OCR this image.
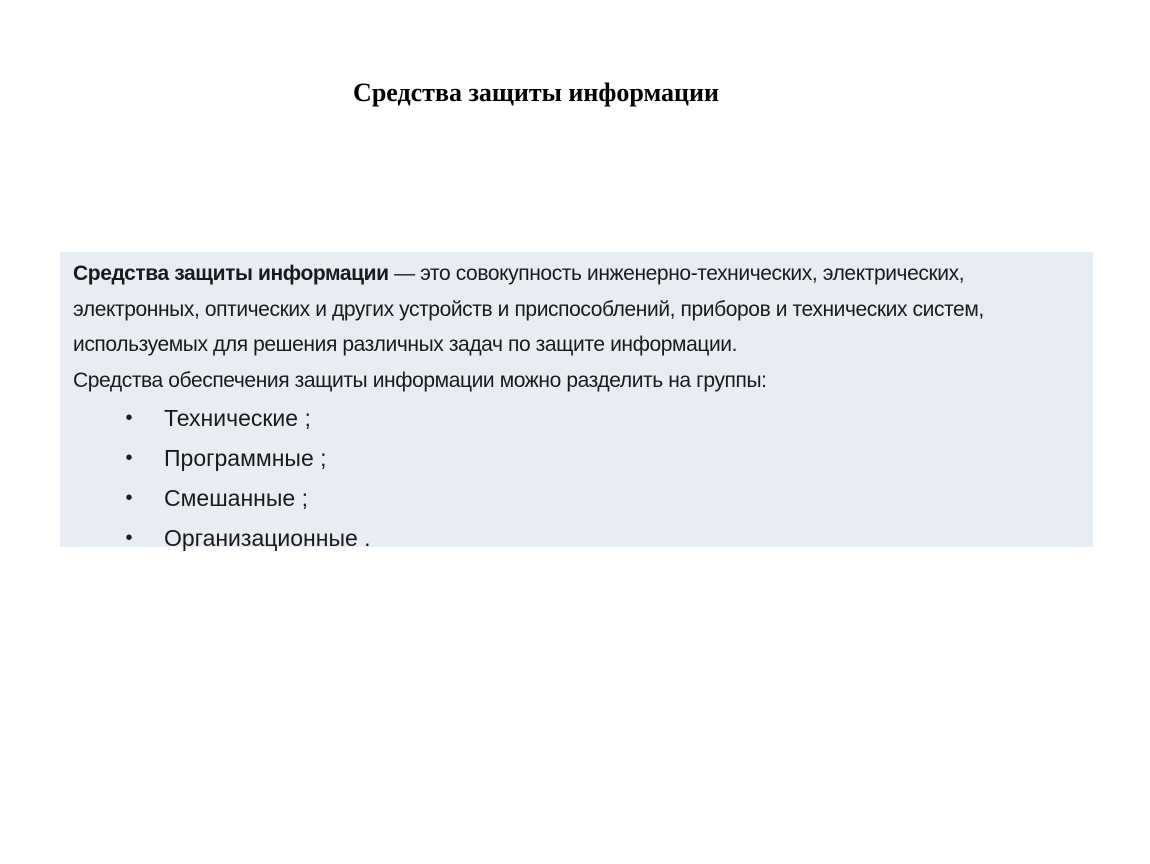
Средства защиты информации

Средства защиты информации — это совокупность инженерно-технических, электрических, электронных, оптических и других устройств и приспособлений, приборов и технических систем, используемых для решения различных задач по защите информации.

Средства обеспечения защиты информации можно разделить на группы:

• Технические ;
• Программные ;
• Смешанные ;
• Организационные .
